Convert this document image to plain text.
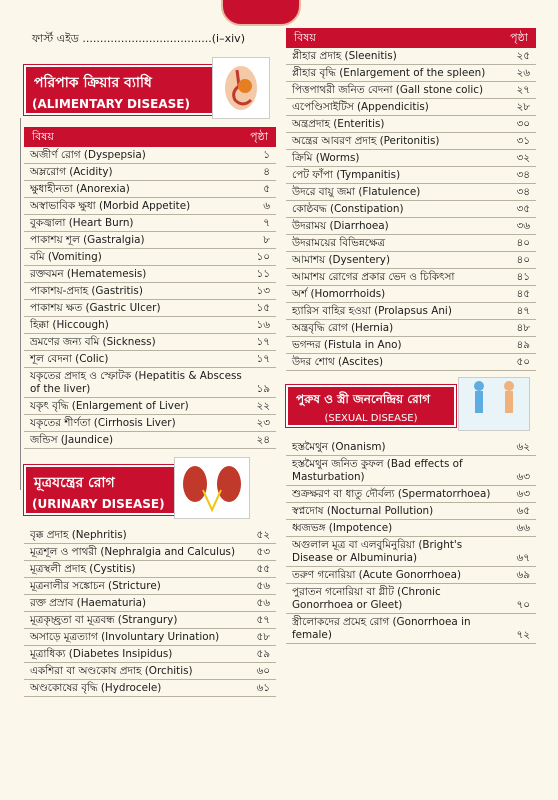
ফার্স্ট এইড .....................................(i–xiv)
পরিপাক ক্রিয়ার ব্যাধি
(ALIMENTARY DISEASE)
বিষয়	পৃষ্ঠা
অজীর্ণ রোগ (Dyspepsia)	১
অম্লরোগ (Acidity)	৪
ক্ষুধাহীনতা (Anorexia)	৫
অস্বাভাবিক ক্ষুধা (Morbid Appetite)	৬
বুকজ্বালা (Heart Burn)	৭
পাকাশয় শূল (Gastralgia)	৮
বমি (Vomiting)	১০
রক্তবমন (Hematemesis)	১১
পাকাশয়-প্রদাহ (Gastritis)	১৩
পাকাশয় ক্ষত (Gastric Ulcer)	১৫
হিক্কা (Hiccough)	১৬
ভ্রমণের জন্য বমি (Sickness)	১৭
শূল বেদনা (Colic)	১৭
যকৃতের প্রদাহ ও স্ফোটক (Hepatitis & Abscess of the liver)	১৯
যকৃৎ বৃদ্ধি (Enlargement of Liver)	২২
যকৃতের শীর্ণতা (Cirrhosis Liver)	২৩
জন্ডিস (Jaundice)	২৪
মূত্রযন্ত্রের রোগ
(URINARY DISEASE)
বৃক্ক প্রদাহ (Nephritis)	৫২
মূত্রশূল ও পাথরী (Nephralgia and Calculus)	৫৩
মূত্রস্থলী প্রদাহ (Cystitis)	৫৫
মূত্রনালীর সঙ্কোচন (Stricture)	৫৬
রক্ত প্রস্রাব (Haematuria)	৫৬
মূত্রকৃচ্ছ্রতা বা মূত্রবন্ধ (Strangury)	৫৭
অসাড়ে মূত্রত্যাগ (Involuntary Urination)	৫৮
মূত্রাধিক্য (Diabetes Insipidus)	৫৯
একশিরা বা অণ্ডকোষ প্রদাহ (Orchitis)	৬০
অণ্ডকোষের বৃদ্ধি (Hydrocele)	৬১
বিষয়	পৃষ্ঠা
প্লীহার প্রদাহ (Sleenitis)	২৫
প্লীহার বৃদ্ধি (Enlargement of the spleen)	২৬
পিত্তপাথরী জনিত বেদনা (Gall stone colic)	২৭
এপেণ্ডিসাইটিস (Appendicitis)	২৮
অন্ত্রপ্রদাহ (Enteritis)	৩০
অন্ত্রের আবরণ প্রদাহ (Peritonitis)	৩১
ক্রিমি (Worms)	৩২
পেট ফাঁপা (Tympanitis)	৩৪
উদরে বায়ু জমা (Flatulence)	৩৪
কোষ্ঠবদ্ধ (Constipation)	৩৫
উদরাময় (Diarrhoea)	৩৬
উদরাময়ের বিভিন্নক্ষেত্র	৪০
আমাশয় (Dysentery)	৪০
আমাশয় রোগের প্রকার ভেদ ও চিকিৎসা	৪১
অর্শ (Homorrhoids)	৪৫
হ্যারিস বাহির হওয়া (Prolapsus Ani)	৪৭
অন্ত্রবৃদ্ধি রোগ (Hernia)	৪৮
ভগন্দর (Fistula in Ano)	৪৯
উদর শোথ (Ascites)	৫০
পুরুষ ও স্ত্রী জননেন্দ্রিয় রোগ
(SEXUAL DISEASE)
হস্তমৈথুন (Onanism)	৬২
হস্তমৈথুন জনিত কুফল (Bad effects of Masturbation)	৬৩
শুক্রক্ষরণ বা ধাতু দৌর্বল্য (Spermatorrhoea)	৬৩
স্বপ্নদোষ (Nocturnal Pollution)	৬৫
ধ্বজভঙ্গ (Impotence)	৬৬
অগুলাল মূত্র বা এলবুমিনুরিয়া (Bright's Disease or Albuminuria)	৬৭
তরুণ গনোরিয়া (Acute Gonorrhoea)	৬৯
পুরাতন গনোরিয়া বা গ্লীট (Chronic Gonorrhoea or Gleet)	৭০
স্ত্রীলোকদের প্রমেহ রোগ (Gonorrhoea in female)	৭২
